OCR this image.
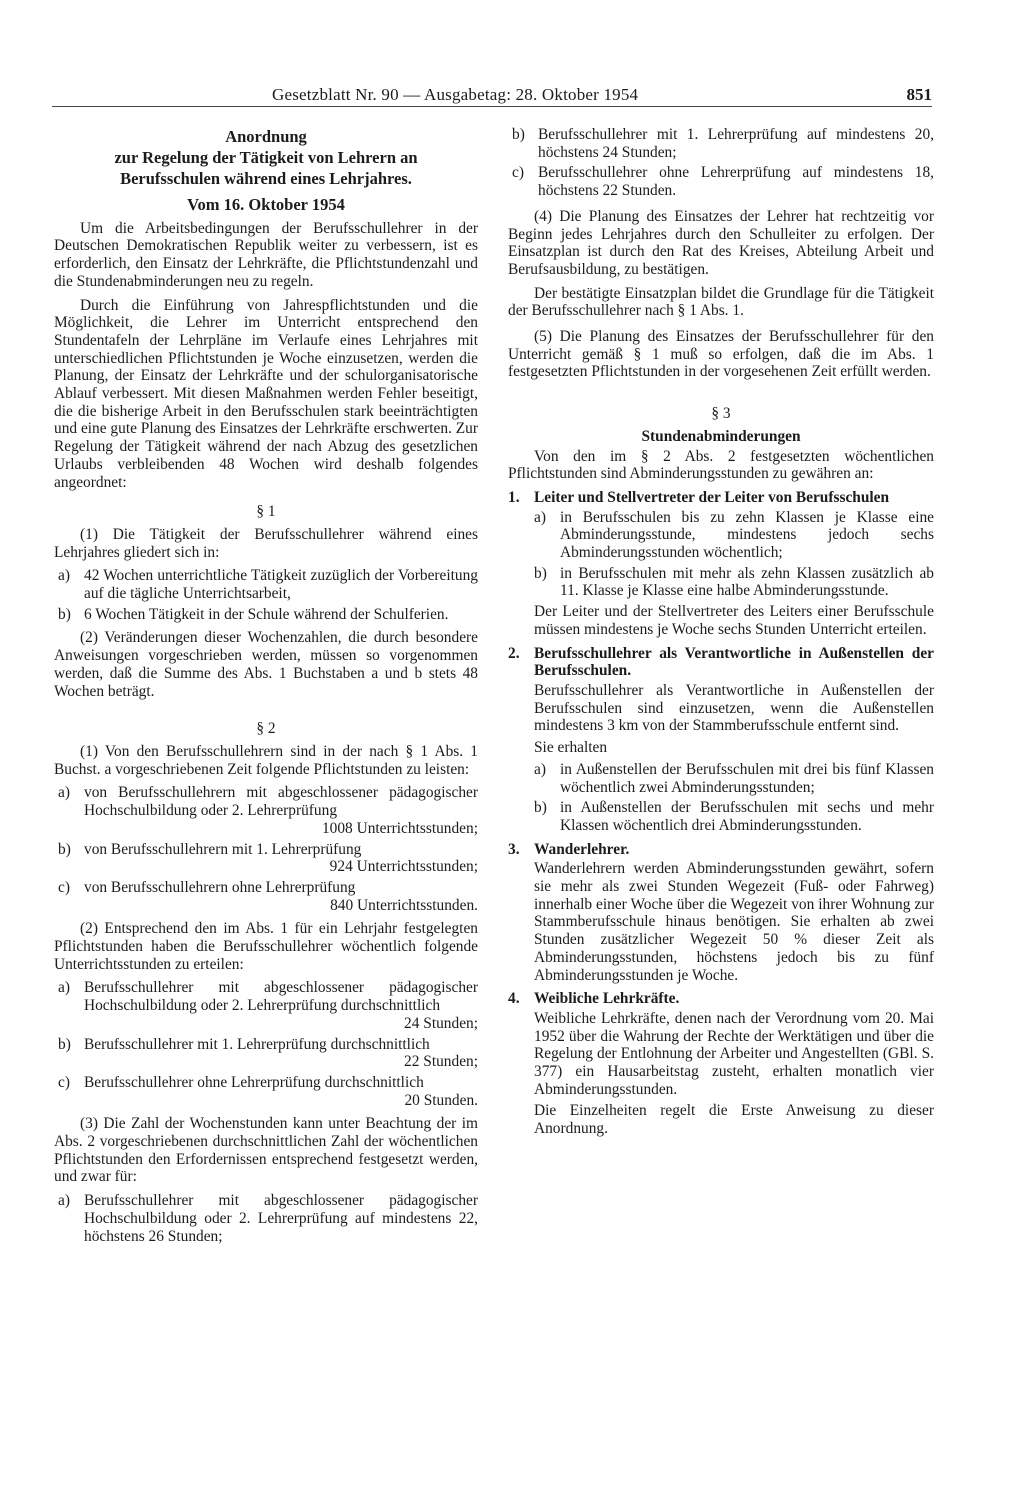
Gesetzblatt Nr. 90 — Ausgabetag: 28. Oktober 1954	851
Anordnung
zur Regelung der Tätigkeit von Lehrern an
Berufsschulen während eines Lehrjahres.
Vom 16. Oktober 1954

Um die Arbeitsbedingungen der Berufsschullehrer in der Deutschen Demokratischen Republik weiter zu verbessern, ist es erforderlich, den Einsatz der Lehrkräfte, die Pflichtstundenzahl und die Stundenabminderungen neu zu regeln.

Durch die Einführung von Jahrespflichtstunden und die Möglichkeit, die Lehrer im Unterricht entsprechend den Stundentafeln der Lehrpläne im Verlaufe eines Lehrjahres mit unterschiedlichen Pflichtstunden je Woche einzusetzen, werden die Planung, der Einsatz der Lehrkräfte und der schulorganisatorische Ablauf verbessert. Mit diesen Maßnahmen werden Fehler beseitigt, die die bisherige Arbeit in den Berufsschulen stark beeinträchtigten und eine gute Planung des Einsatzes der Lehrkräfte erschwerten. Zur Regelung der Tätigkeit während der nach Abzug des gesetzlichen Urlaubs verbleibenden 48 Wochen wird deshalb folgendes angeordnet:

§ 1

(1) Die Tätigkeit der Berufsschullehrer während eines Lehrjahres gliedert sich in:

a) 42 Wochen unterrichtliche Tätigkeit zuzüglich der Vorbereitung auf die tägliche Unterrichtsarbeit,
b) 6 Wochen Tätigkeit in der Schule während der Schulferien.

(2) Veränderungen dieser Wochenzahlen, die durch besondere Anweisungen vorgeschrieben werden, müssen so vorgenommen werden, daß die Summe des Abs. 1 Buchstaben a und b stets 48 Wochen beträgt.

§ 2

(1) Von den Berufsschullehrern sind in der nach § 1 Abs. 1 Buchst. a vorgeschriebenen Zeit folgende Pflichtstunden zu leisten:

a) von Berufsschullehrern mit abgeschlossener pädagogischer Hochschulbildung oder 2. Lehrerprüfung
1008 Unterrichtsstunden;
b) von Berufsschullehrern mit 1. Lehrerprüfung
924 Unterrichtsstunden;
c) von Berufsschullehrern ohne Lehrerprüfung
840 Unterrichtsstunden.

(2) Entsprechend den im Abs. 1 für ein Lehrjahr festgelegten Pflichtstunden haben die Berufsschullehrer wöchentlich folgende Unterrichtsstunden zu erteilen:

a) Berufsschullehrer mit abgeschlossener pädagogischer Hochschulbildung oder 2. Lehrerprüfung durchschnittlich
24 Stunden;
b) Berufsschullehrer mit 1. Lehrerprüfung durchschnittlich
22 Stunden;
c) Berufsschullehrer ohne Lehrerprüfung durchschnittlich
20 Stunden.

(3) Die Zahl der Wochenstunden kann unter Beachtung der im Abs. 2 vorgeschriebenen durchschnittlichen Zahl der wöchentlichen Pflichtstunden den Erfordernissen entsprechend festgesetzt werden, und zwar für:

a) Berufsschullehrer mit abgeschlossener pädagogischer Hochschulbildung oder 2. Lehrerprüfung auf mindestens 22, höchstens 26 Stunden;
b) Berufsschullehrer mit 1. Lehrerprüfung auf mindestens 20, höchstens 24 Stunden;
c) Berufsschullehrer ohne Lehrerprüfung auf mindestens 18, höchstens 22 Stunden.

(4) Die Planung des Einsatzes der Lehrer hat rechtzeitig vor Beginn jedes Lehrjahres durch den Schulleiter zu erfolgen. Der Einsatzplan ist durch den Rat des Kreises, Abteilung Arbeit und Berufsausbildung, zu bestätigen.

Der bestätigte Einsatzplan bildet die Grundlage für die Tätigkeit der Berufsschullehrer nach § 1 Abs. 1.

(5) Die Planung des Einsatzes der Berufsschullehrer für den Unterricht gemäß § 1 muß so erfolgen, daß die im Abs. 1 festgesetzten Pflichtstunden in der vorgesehenen Zeit erfüllt werden.

§ 3
Stundenabminderungen

Von den im § 2 Abs. 2 festgesetzten wöchentlichen Pflichtstunden sind Abminderungsstunden zu gewähren an:

1. Leiter und Stellvertreter der Leiter von Berufsschulen
a) in Berufsschulen bis zu zehn Klassen je Klasse eine Abminderungsstunde, mindestens jedoch sechs Abminderungsstunden wöchentlich;
b) in Berufsschulen mit mehr als zehn Klassen zusätzlich ab 11. Klasse je Klasse eine halbe Abminderungsstunde.

Der Leiter und der Stellvertreter des Leiters einer Berufsschule müssen mindestens je Woche sechs Stunden Unterricht erteilen.

2. Berufsschullehrer als Verantwortliche in Außenstellen der Berufsschulen.

Berufsschullehrer als Verantwortliche in Außenstellen der Berufsschulen sind einzusetzen, wenn die Außenstellen mindestens 3 km von der Stammberufsschule entfernt sind.

Sie erhalten

a) in Außenstellen der Berufsschulen mit drei bis fünf Klassen wöchentlich zwei Abminderungsstunden;
b) in Außenstellen der Berufsschulen mit sechs und mehr Klassen wöchentlich drei Abminderungsstunden.
3. Wanderlehrer.

Wanderlehrern werden Abminderungsstunden gewährt, sofern sie mehr als zwei Stunden Wegezeit (Fuß- oder Fahrweg) innerhalb einer Woche über die Wegezeit von ihrer Wohnung zur Stammberufsschule hinaus benötigen. Sie erhalten ab zwei Stunden zusätzlicher Wegezeit 50 % dieser Zeit als Abminderungsstunden, höchstens jedoch bis zu fünf Abminderungsstunden je Woche.

4. Weibliche Lehrkräfte.

Weibliche Lehrkräfte, denen nach der Verordnung vom 20. Mai 1952 über die Wahrung der Rechte der Werktätigen und über die Regelung der Entlohnung der Arbeiter und Angestellten (GBl. S. 377) ein Hausarbeitstag zusteht, erhalten monatlich vier Abminderungsstunden.

Die Einzelheiten regelt die Erste Anweisung zu dieser Anordnung.
